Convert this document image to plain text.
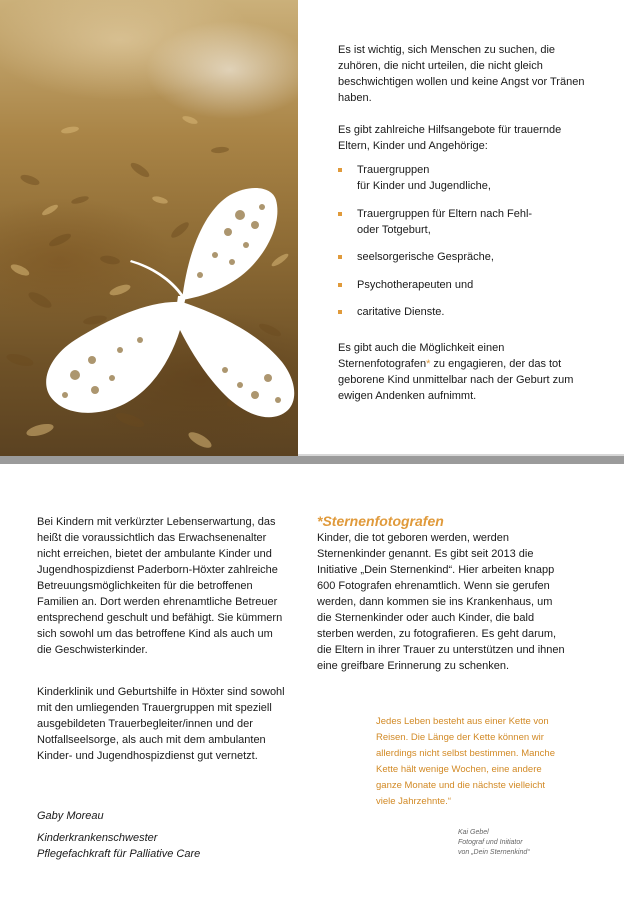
Es ist wichtig, sich Menschen zu suchen, die zuhören, die nicht urteilen, die nicht gleich beschwichtigen wollen und keine Angst vor Tränen haben.

Es gibt zahlreiche Hilfsangebote für trauernde Eltern, Kinder und Angehörige:

Trauergruppen
für Kinder und Jugendliche,
Trauergruppen für Eltern nach Fehl-
oder Totgeburt,
seelsorgerische Gespräche,
Psychotherapeuten und
caritative Dienste.

Es gibt auch die Möglichkeit einen Sternenfotografen* zu engagieren, der das tot geborene Kind unmittelbar nach der Geburt zum ewigen Andenken aufnimmt.

Bei Kindern mit verkürzter Lebenserwartung, das heißt die voraussichtlich das Erwachsenenalter nicht erreichen, bietet der ambulante Kinder und Jugendhospizdienst Paderborn-Höxter zahlreiche Betreuungsmöglichkeiten für die betroffenen Familien an. Dort werden ehrenamtliche Betreuer entsprechend geschult und befähigt. Sie kümmern sich sowohl um das betroffene Kind als auch um die Geschwisterkinder.

Kinderklinik und Geburtshilfe in Höxter sind sowohl mit den umliegenden Trauergruppen mit speziell ausgebildeten Trauerbegleiter/innen und der Notfallseelsorge, als auch mit dem ambulanten Kinder- und Jugendhospizdienst gut vernetzt.

Gaby Moreau

Kinderkrankenschwester
Pflegefachkraft für Palliative Care
*Sternenfotografen

Kinder, die tot geboren werden, werden Sternenkinder genannt. Es gibt seit 2013 die Initiative „Dein Sternenkind“. Hier arbeiten knapp 600 Fotografen ehrenamtlich. Wenn sie gerufen werden, dann kommen sie ins Krankenhaus, um die Sternenkinder oder auch Kinder, die bald sterben werden, zu fotografieren. Es geht darum, die Eltern in ihrer Trauer zu unterstützen und ihnen eine greifbare Erinnerung zu schenken.

Jedes Leben besteht aus einer Kette von Reisen. Die Länge der Kette können wir allerdings nicht selbst bestimmen. Manche Kette hält wenige Wochen, eine andere ganze Monate und die nächste vielleicht viele Jahrzehnte.“

Kai Gebel
Fotograf und Initiator
von „Dein Sternenkind“
